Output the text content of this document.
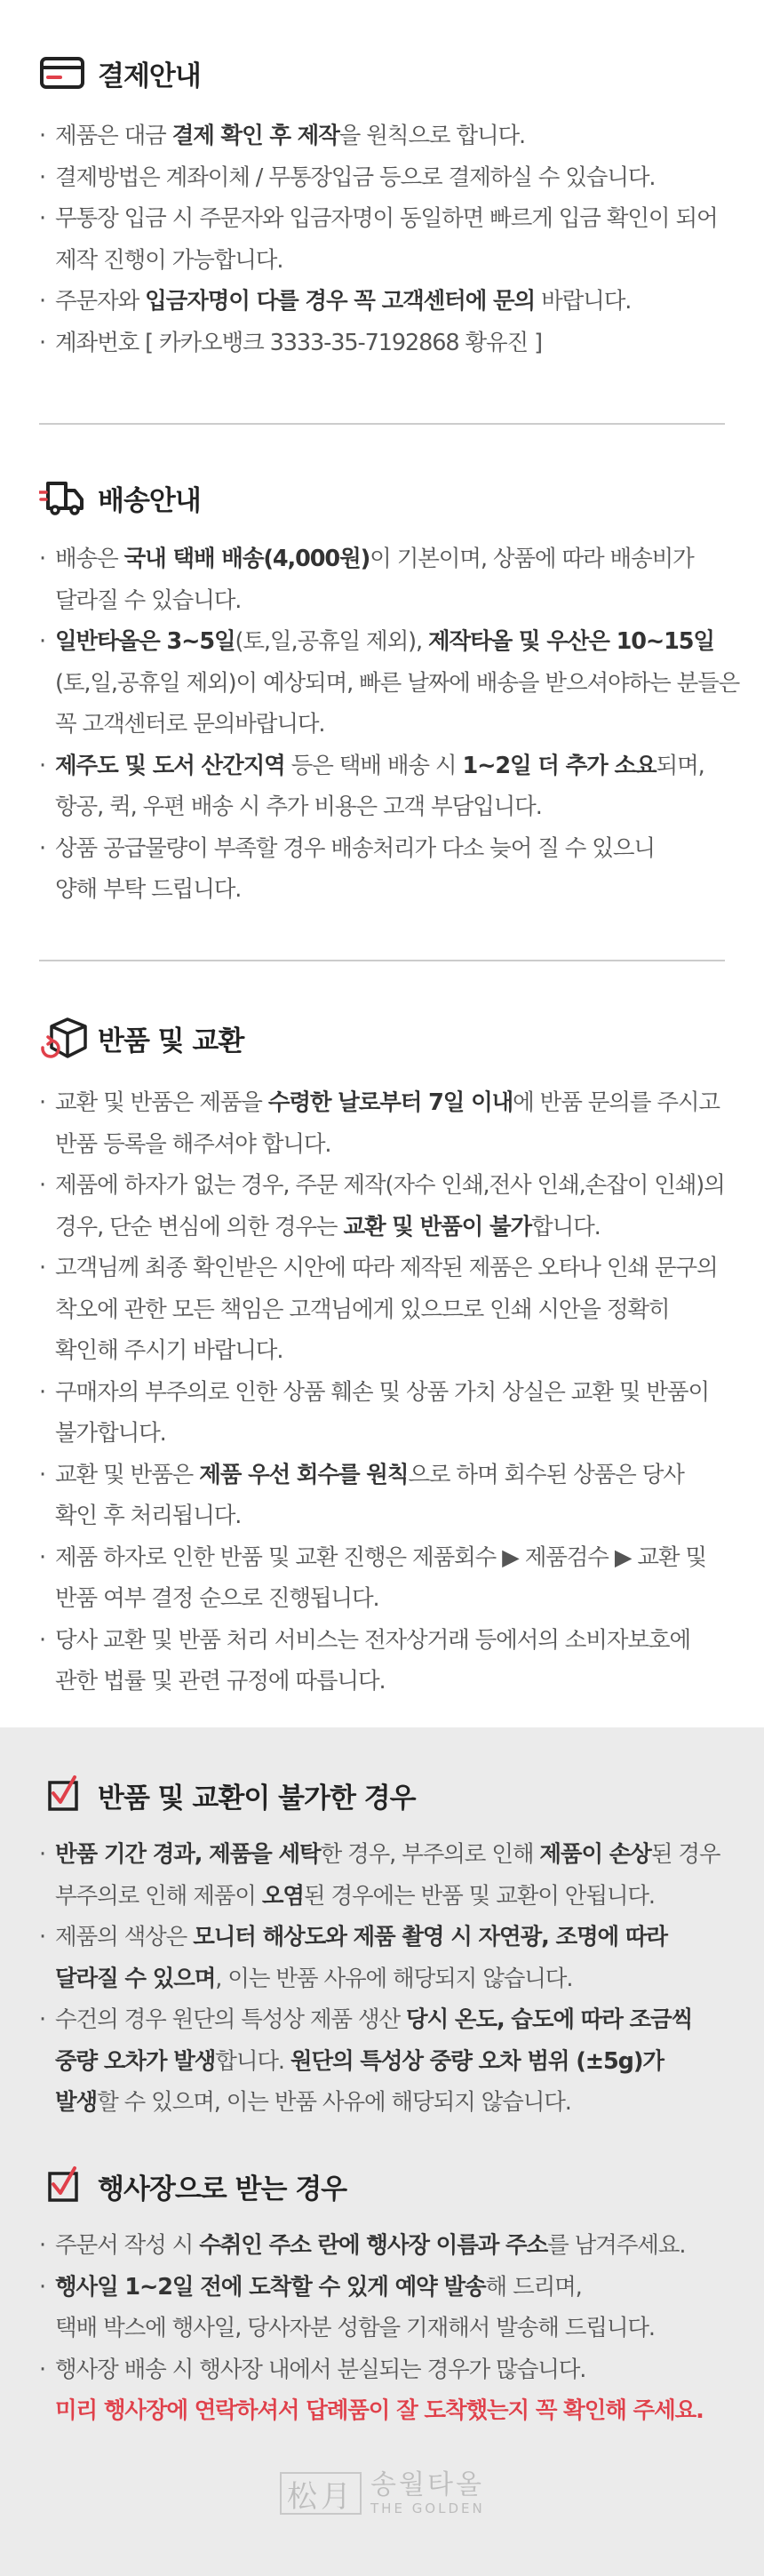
결제안내
· 제품은 대금 결제 확인 후 제작을 원칙으로 합니다.
· 결제방법은 계좌이체 / 무통장입금 등으로 결제하실 수 있습니다.
· 무통장 입금 시 주문자와 입금자명이 동일하면 빠르게 입금 확인이 되어
제작 진행이 가능합니다.
· 주문자와 입금자명이 다를 경우 꼭 고객센터에 문의 바랍니다.
· 계좌번호 [ 카카오뱅크 3333-35-7192868 황유진 ]
배송안내
· 배송은 국내 택배 배송(4,000원)이 기본이며, 상품에 따라 배송비가
달라질 수 있습니다.
· 일반타올은 3~5일(토,일,공휴일 제외), 제작타올 및 우산은 10~15일
(토,일,공휴일 제외)이 예상되며, 빠른 날짜에 배송을 받으셔야하는 분들은
꼭 고객센터로 문의바랍니다.
· 제주도 및 도서 산간지역 등은 택배 배송 시 1~2일 더 추가 소요되며,
항공, 퀵, 우편 배송 시 추가 비용은 고객 부담입니다.
· 상품 공급물량이 부족할 경우 배송처리가 다소 늦어 질 수 있으니
양해 부탁 드립니다.
반품 및 교환
· 교환 및 반품은 제품을 수령한 날로부터 7일 이내에 반품 문의를 주시고
반품 등록을 해주셔야 합니다.
· 제품에 하자가 없는 경우, 주문 제작(자수 인쇄,전사 인쇄,손잡이 인쇄)의
경우, 단순 변심에 의한 경우는 교환 및 반품이 불가합니다.
· 고객님께 최종 확인받은 시안에 따라 제작된 제품은 오타나 인쇄 문구의
착오에 관한 모든 책임은 고객님에게 있으므로 인쇄 시안을 정확히
확인해 주시기 바랍니다.
· 구매자의 부주의로 인한 상품 훼손 및 상품 가치 상실은 교환 및 반품이
불가합니다.
· 교환 및 반품은 제품 우선 회수를 원칙으로 하며 회수된 상품은 당사
확인 후 처리됩니다.
· 제품 하자로 인한 반품 및 교환 진행은 제품회수 ▶ 제품검수 ▶ 교환 및
반품 여부 결정 순으로 진행됩니다.
· 당사 교환 및 반품 처리 서비스는 전자상거래 등에서의 소비자보호에
관한 법률 및 관련 규정에 따릅니다.
반품 및 교환이 불가한 경우
· 반품 기간 경과, 제품을 세탁한 경우, 부주의로 인해 제품이 손상된 경우
부주의로 인해 제품이 오염된 경우에는 반품 및 교환이 안됩니다.
· 제품의 색상은 모니터 해상도와 제품 촬영 시 자연광, 조명에 따라
달라질 수 있으며, 이는 반품 사유에 해당되지 않습니다.
· 수건의 경우 원단의 특성상 제품 생산 당시 온도, 습도에 따라 조금씩
중량 오차가 발생합니다. 원단의 특성상 중량 오차 범위 (±5g)가
발생할 수 있으며, 이는 반품 사유에 해당되지 않습니다.
행사장으로 받는 경우
· 주문서 작성 시 수취인 주소 란에 행사장 이름과 주소를 남겨주세요.
· 행사일 1~2일 전에 도착할 수 있게 예약 발송해 드리며,
택배 박스에 행사일, 당사자분 성함을 기재해서 발송해 드립니다.
· 행사장 배송 시 행사장 내에서 분실되는 경우가 많습니다.
미리 행사장에 연락하셔서 답례품이 잘 도착했는지 꼭 확인해 주세요.
松月 송월타올
THE GOLDEN
